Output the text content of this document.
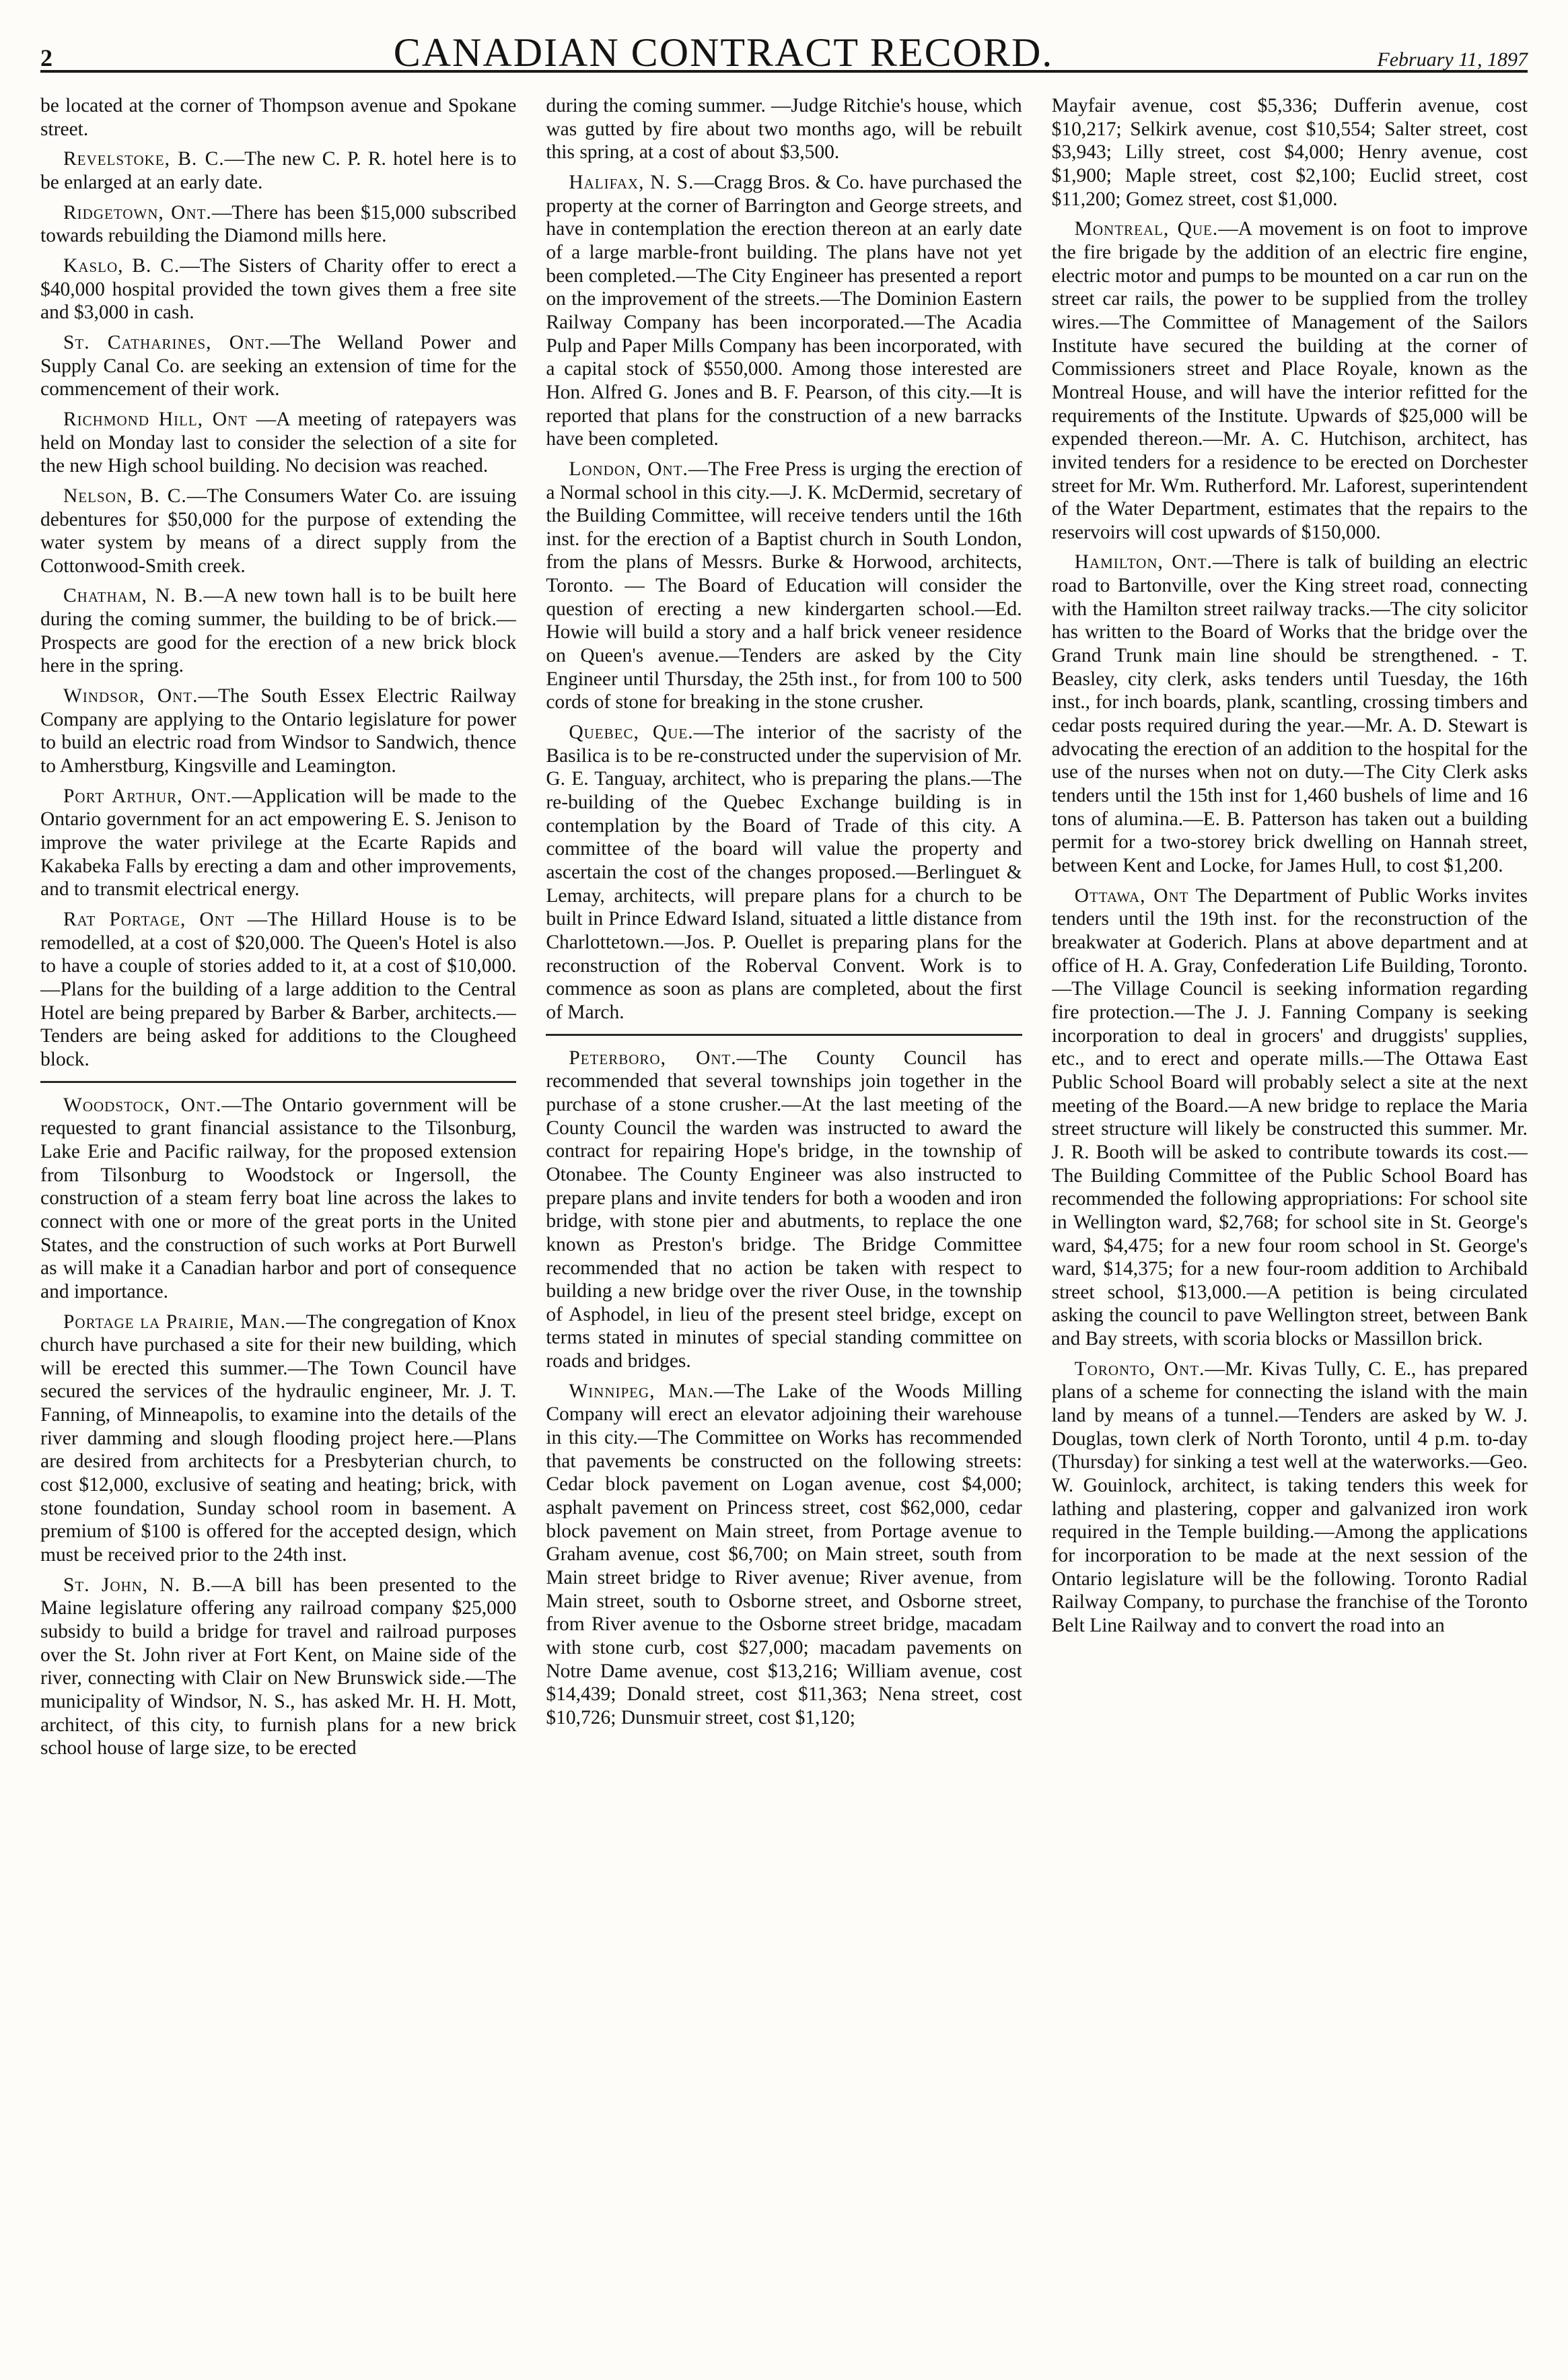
2	CANADIAN CONTRACT RECORD.	February 11, 1897

be located at the corner of Thompson avenue and Spokane street.

Revelstoke, B. C.—The new C. P. R. hotel here is to be enlarged at an early date.

Ridgetown, Ont.—There has been $15,000 subscribed towards rebuilding the Diamond mills here.

Kaslo, B. C.—The Sisters of Charity offer to erect a $40,000 hospital provided the town gives them a free site and $3,000 in cash.

St. Catharines, Ont.—The Welland Power and Supply Canal Co. are seeking an extension of time for the commencement of their work.

Richmond Hill, Ont —A meeting of ratepayers was held on Monday last to consider the selection of a site for the new High school building. No decision was reached.

Nelson, B. C.—The Consumers Water Co. are issuing debentures for $50,000 for the purpose of extending the water system by means of a direct supply from the Cottonwood-Smith creek.

Chatham, N. B.—A new town hall is to be built here during the coming summer, the building to be of brick.—Prospects are good for the erection of a new brick block here in the spring.

Windsor, Ont.—The South Essex Electric Railway Company are applying to the Ontario legislature for power to build an electric road from Windsor to Sandwich, thence to Amherstburg, Kingsville and Leamington.

Port Arthur, Ont.—Application will be made to the Ontario government for an act empowering E. S. Jenison to improve the water privilege at the Ecarte Rapids and Kakabeka Falls by erecting a dam and other improvements, and to transmit electrical energy.

Rat Portage, Ont —The Hillard House is to be remodelled, at a cost of $20,000. The Queen's Hotel is also to have a couple of stories added to it, at a cost of $10,000.—Plans for the building of a large addition to the Central Hotel are being prepared by Barber & Barber, architects.—Tenders are being asked for additions to the Clougheed block.

Woodstock, Ont.—The Ontario government will be requested to grant financial assistance to the Tilsonburg, Lake Erie and Pacific railway, for the proposed extension from Tilsonburg to Woodstock or Ingersoll, the construction of a steam ferry boat line across the lakes to connect with one or more of the great ports in the United States, and the construction of such works at Port Burwell as will make it a Canadian harbor and port of consequence and importance.

Portage la Prairie, Man.—The congregation of Knox church have purchased a site for their new building, which will be erected this summer.—The Town Council have secured the services of the hydraulic engineer, Mr. J. T. Fanning, of Minneapolis, to examine into the details of the river damming and slough flooding project here.—Plans are desired from architects for a Presbyterian church, to cost $12,000, exclusive of seating and heating; brick, with stone foundation, Sunday school room in basement. A premium of $100 is offered for the accepted design, which must be received prior to the 24th inst.

St. John, N. B.—A bill has been presented to the Maine legislature offering any railroad company $25,000 subsidy to build a bridge for travel and railroad purposes over the St. John river at Fort Kent, on Maine side of the river, connecting with Clair on New Brunswick side.—The municipality of Windsor, N. S., has asked Mr. H. H. Mott, architect, of this city, to furnish plans for a new brick school house of large size, to be erected

during the coming summer. —Judge Ritchie's house, which was gutted by fire about two months ago, will be rebuilt this spring, at a cost of about $3,500.

Halifax, N. S.—Cragg Bros. & Co. have purchased the property at the corner of Barrington and George streets, and have in contemplation the erection thereon at an early date of a large marble-front building. The plans have not yet been completed.—The City Engineer has presented a report on the improvement of the streets.—The Dominion Eastern Railway Company has been incorporated.—The Acadia Pulp and Paper Mills Company has been incorporated, with a capital stock of $550,000. Among those interested are Hon. Alfred G. Jones and B. F. Pearson, of this city.—It is reported that plans for the construction of a new barracks have been completed.

London, Ont.—The Free Press is urging the erection of a Normal school in this city.—J. K. McDermid, secretary of the Building Committee, will receive tenders until the 16th inst. for the erection of a Baptist church in South London, from the plans of Messrs. Burke & Horwood, architects, Toronto. — The Board of Education will consider the question of erecting a new kindergarten school.—Ed. Howie will build a story and a half brick veneer residence on Queen's avenue.—Tenders are asked by the City Engineer until Thursday, the 25th inst., for from 100 to 500 cords of stone for breaking in the stone crusher.

Quebec, Que.—The interior of the sacristy of the Basilica is to be re-constructed under the supervision of Mr. G. E. Tanguay, architect, who is preparing the plans.—The re-building of the Quebec Exchange building is in contemplation by the Board of Trade of this city. A committee of the board will value the property and ascertain the cost of the changes proposed.—Berlinguet & Lemay, architects, will prepare plans for a church to be built in Prince Edward Island, situated a little distance from Charlottetown.—Jos. P. Ouellet is preparing plans for the reconstruction of the Roberval Convent. Work is to commence as soon as plans are completed, about the first of March.

Peterboro, Ont.—The County Council has recommended that several townships join together in the purchase of a stone crusher.—At the last meeting of the County Council the warden was instructed to award the contract for repairing Hope's bridge, in the township of Otonabee. The County Engineer was also instructed to prepare plans and invite tenders for both a wooden and iron bridge, with stone pier and abutments, to replace the one known as Preston's bridge. The Bridge Committee recommended that no action be taken with respect to building a new bridge over the river Ouse, in the township of Asphodel, in lieu of the present steel bridge, except on terms stated in minutes of special standing committee on roads and bridges.

Winnipeg, Man.—The Lake of the Woods Milling Company will erect an elevator adjoining their warehouse in this city.—The Committee on Works has recommended that pavements be constructed on the following streets: Cedar block pavement on Logan avenue, cost $4,000; asphalt pavement on Princess street, cost $62,000, cedar block pavement on Main street, from Portage avenue to Graham avenue, cost $6,700; on Main street, south from Main street bridge to River avenue; River avenue, from Main street, south to Osborne street, and Osborne street, from River avenue to the Osborne street bridge, macadam with stone curb, cost $27,000; macadam pavements on Notre Dame avenue, cost $13,216; William avenue, cost $14,439; Donald street, cost $11,363; Nena street, cost $10,726; Dunsmuir street, cost $1,120;

Mayfair avenue, cost $5,336; Dufferin avenue, cost $10,217; Selkirk avenue, cost $10,554; Salter street, cost $3,943; Lilly street, cost $4,000; Henry avenue, cost $1,900; Maple street, cost $2,100; Euclid street, cost $11,200; Gomez street, cost $1,000.

Montreal, Que.—A movement is on foot to improve the fire brigade by the addition of an electric fire engine, electric motor and pumps to be mounted on a car run on the street car rails, the power to be supplied from the trolley wires.—The Committee of Management of the Sailors Institute have secured the building at the corner of Commissioners street and Place Royale, known as the Montreal House, and will have the interior refitted for the requirements of the Institute. Upwards of $25,000 will be expended thereon.—Mr. A. C. Hutchison, architect, has invited tenders for a residence to be erected on Dorchester street for Mr. Wm. Rutherford. Mr. Laforest, superintendent of the Water Department, estimates that the repairs to the reservoirs will cost upwards of $150,000.

Hamilton, Ont.—There is talk of building an electric road to Bartonville, over the King street road, connecting with the Hamilton street railway tracks.—The city solicitor has written to the Board of Works that the bridge over the Grand Trunk main line should be strengthened. - T. Beasley, city clerk, asks tenders until Tuesday, the 16th inst., for inch boards, plank, scantling, crossing timbers and cedar posts required during the year.—Mr. A. D. Stewart is advocating the erection of an addition to the hospital for the use of the nurses when not on duty.—The City Clerk asks tenders until the 15th inst for 1,460 bushels of lime and 16 tons of alumina.—E. B. Patterson has taken out a building permit for a two-storey brick dwelling on Hannah street, between Kent and Locke, for James Hull, to cost $1,200.

Ottawa, Ont The Department of Public Works invites tenders until the 19th inst. for the reconstruction of the breakwater at Goderich. Plans at above department and at office of H. A. Gray, Confederation Life Building, Toronto.—The Village Council is seeking information regarding fire protection.—The J. J. Fanning Company is seeking incorporation to deal in grocers' and druggists' supplies, etc., and to erect and operate mills.—The Ottawa East Public School Board will probably select a site at the next meeting of the Board.—A new bridge to replace the Maria street structure will likely be constructed this summer. Mr. J. R. Booth will be asked to contribute towards its cost.—The Building Committee of the Public School Board has recommended the following appropriations: For school site in Wellington ward, $2,768; for school site in St. George's ward, $4,475; for a new four room school in St. George's ward, $14,375; for a new four-room addition to Archibald street school, $13,000.—A petition is being circulated asking the council to pave Wellington street, between Bank and Bay streets, with scoria blocks or Massillon brick.

Toronto, Ont.—Mr. Kivas Tully, C. E., has prepared plans of a scheme for connecting the island with the main land by means of a tunnel.—Tenders are asked by W. J. Douglas, town clerk of North Toronto, until 4 p.m. to-day (Thursday) for sinking a test well at the waterworks.—Geo. W. Gouinlock, architect, is taking tenders this week for lathing and plastering, copper and galvanized iron work required in the Temple building.—Among the applications for incorporation to be made at the next session of the Ontario legislature will be the following. Toronto Radial Railway Company, to purchase the franchise of the Toronto Belt Line Railway and to convert the road into an
